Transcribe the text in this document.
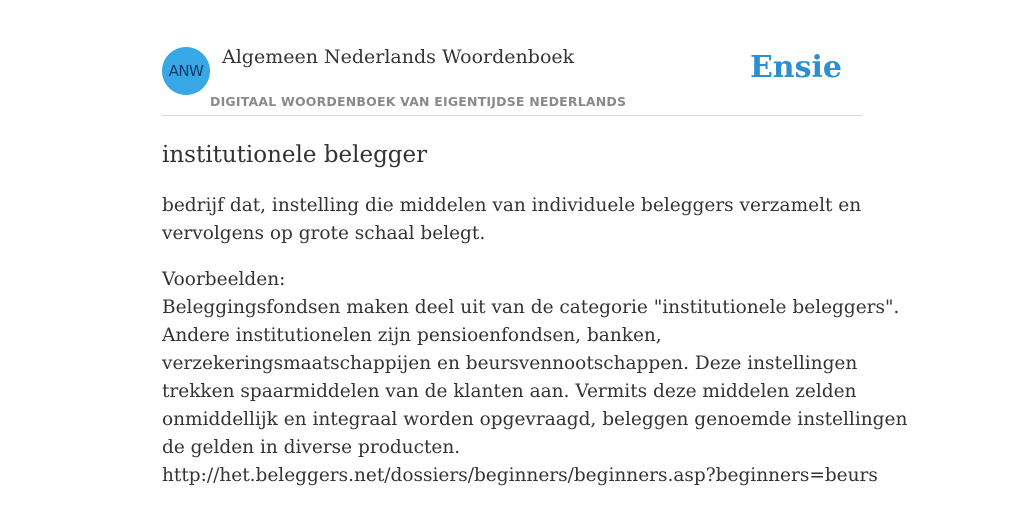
ANW
Algemeen Nederlands Woordenboek
DIGITAAL WOORDENBOEK VAN EIGENTIJDSE NEDERLANDS
Ensie
institutionele belegger

bedrijf dat, instelling die middelen van individuele beleggers verzamelt en
vervolgens op grote schaal belegt.

Voorbeelden:
Beleggingsfondsen maken deel uit van de categorie "institutionele beleggers".
Andere institutionelen zijn pensioenfondsen, banken,
verzekeringsmaatschappijen en beursvennootschappen. Deze instellingen
trekken spaarmiddelen van de klanten aan. Vermits deze middelen zelden
onmiddellijk en integraal worden opgevraagd, beleggen genoemde instellingen
de gelden in diverse producten.
http://het.beleggers.net/dossiers/beginners/beginners.asp?beginners=beurs
